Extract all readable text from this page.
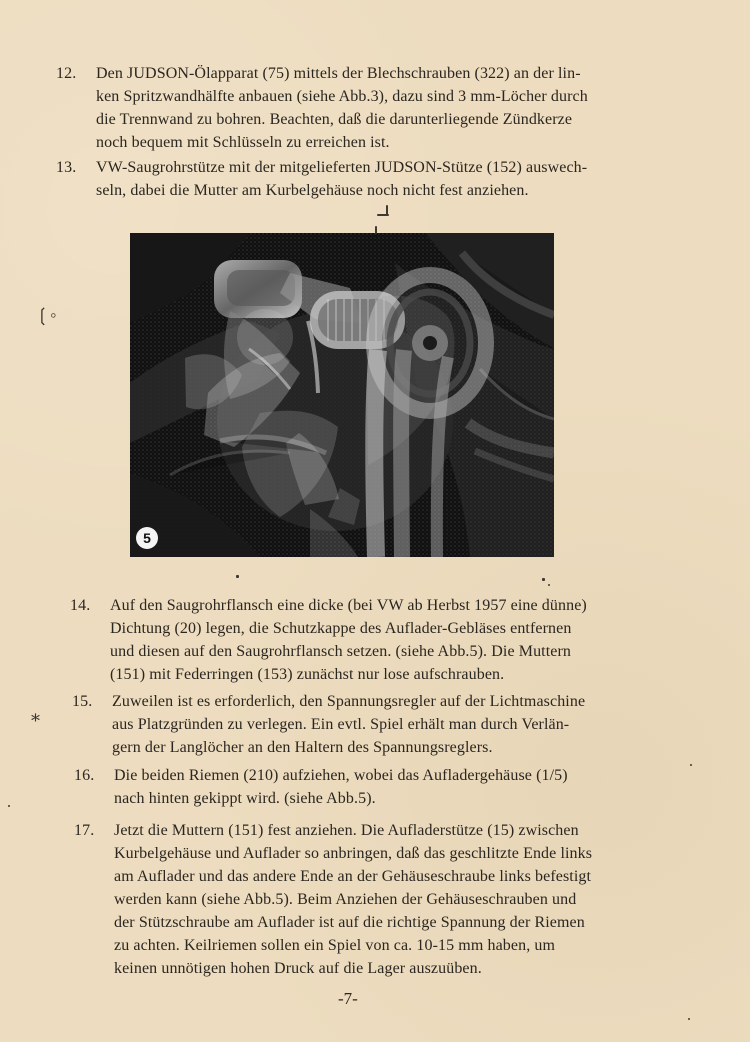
12.	Den JUDSON-Ölapparat (75) mittels der Blechschrauben (322) an der lin-
ken Spritzwandhälfte anbauen (siehe Abb.3), dazu sind 3 mm-Löcher durch
die Trennwand zu bohren. Beachten, daß die darunterliegende Zündkerze
noch bequem mit Schlüsseln zu erreichen ist.
13.	VW-Saugrohrstütze mit der mitgelieferten JUDSON-Stütze (152) auswech-
seln, dabei die Mutter am Kurbelgehäuse noch nicht fest anziehen.
5
14.	Auf den Saugrohrflansch eine dicke (bei VW ab Herbst 1957 eine dünne)
Dichtung (20) legen, die Schutzkappe des Auflader-Gebläses entfernen
und diesen auf den Saugrohrflansch setzen. (siehe Abb.5). Die Muttern
(151) mit Federringen (153) zunächst nur lose aufschrauben.
15.	Zuweilen ist es erforderlich, den Spannungsregler auf der Lichtmaschine
aus Platzgründen zu verlegen. Ein evtl. Spiel erhält man durch Verlän-
gern der Langlöcher an den Haltern des Spannungsreglers.
16.	Die beiden Riemen (210) aufziehen, wobei das Aufladergehäuse (1/5)
nach hinten gekippt wird. (siehe Abb.5).
17.	Jetzt die Muttern (151) fest anziehen. Die Aufladerstütze (15) zwischen
Kurbelgehäuse und Auflader so anbringen, daß das geschlitzte Ende links
am Auflader und das andere Ende an der Gehäuseschraube links befestigt
werden kann (siehe Abb.5). Beim Anziehen der Gehäuseschrauben und
der Stützschraube am Auflader ist auf die richtige Spannung der Riemen
zu achten. Keilriemen sollen ein Spiel von ca. 10-15 mm haben, um
keinen unnötigen hohen Druck auf die Lager auszuüben.
-7-
❲◦
⁎
